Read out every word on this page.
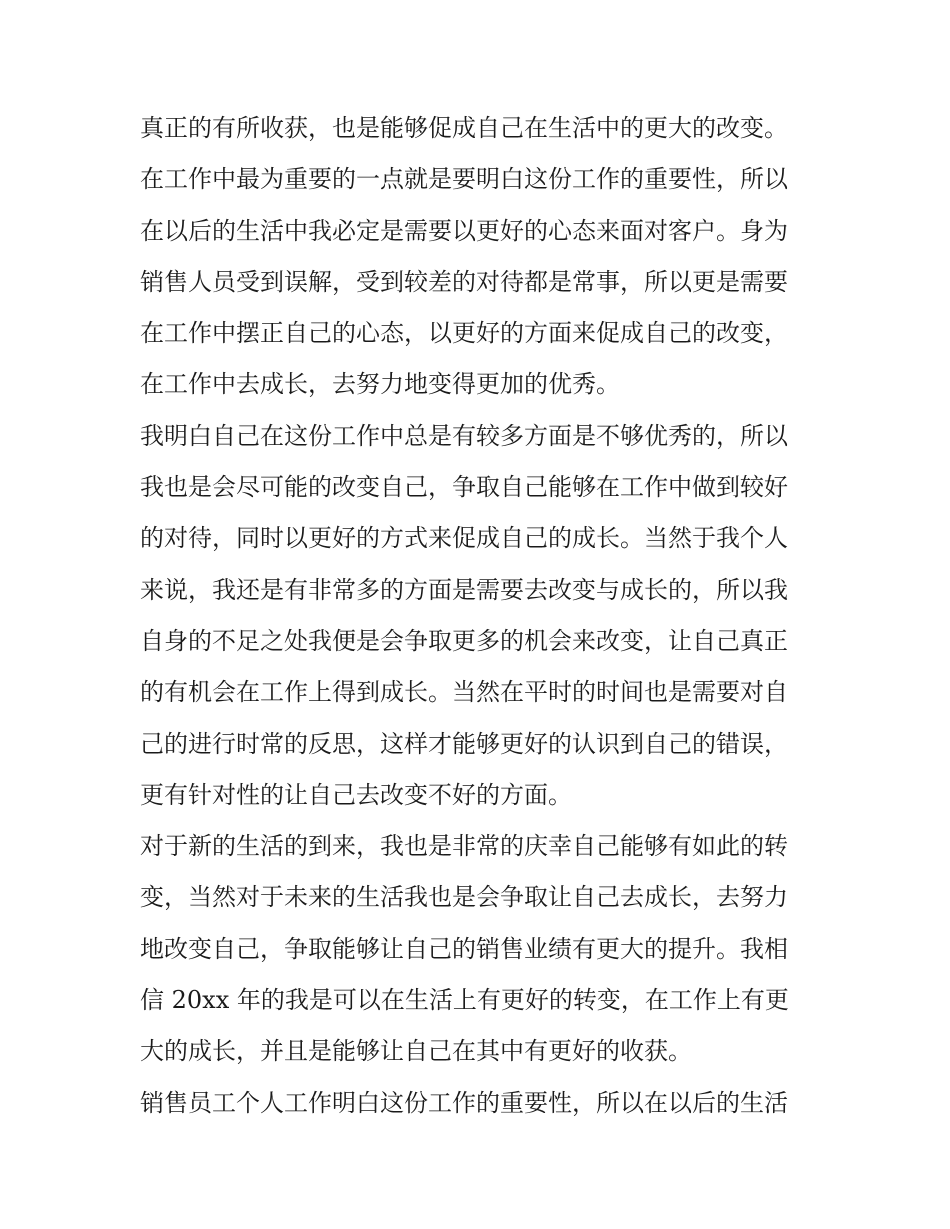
真正的有所收获，也是能够促成自己在生活中的更大的改变。
在工作中最为重要的一点就是要明白这份工作的重要性，所以
在以后的生活中我必定是需要以更好的心态来面对客户。身为
销售人员受到误解，受到较差的对待都是常事，所以更是需要
在工作中摆正自己的心态，以更好的方面来促成自己的改变，
在工作中去成长，去努力地变得更加的优秀。
我明白自己在这份工作中总是有较多方面是不够优秀的，所以
我也是会尽可能的改变自己，争取自己能够在工作中做到较好
的对待，同时以更好的方式来促成自己的成长。当然于我个人
来说，我还是有非常多的方面是需要去改变与成长的，所以我
自身的不足之处我便是会争取更多的机会来改变，让自己真正
的有机会在工作上得到成长。当然在平时的时间也是需要对自
己的进行时常的反思，这样才能够更好的认识到自己的错误，
更有针对性的让自己去改变不好的方面。
对于新的生活的到来，我也是非常的庆幸自己能够有如此的转
变，当然对于未来的生活我也是会争取让自己去成长，去努力
地改变自己，争取能够让自己的销售业绩有更大的提升。我相
信 20xx 年的我是可以在生活上有更好的转变，在工作上有更
大的成长，并且是能够让自己在其中有更好的收获。
销售员工个人工作明白这份工作的重要性，所以在以后的生活
